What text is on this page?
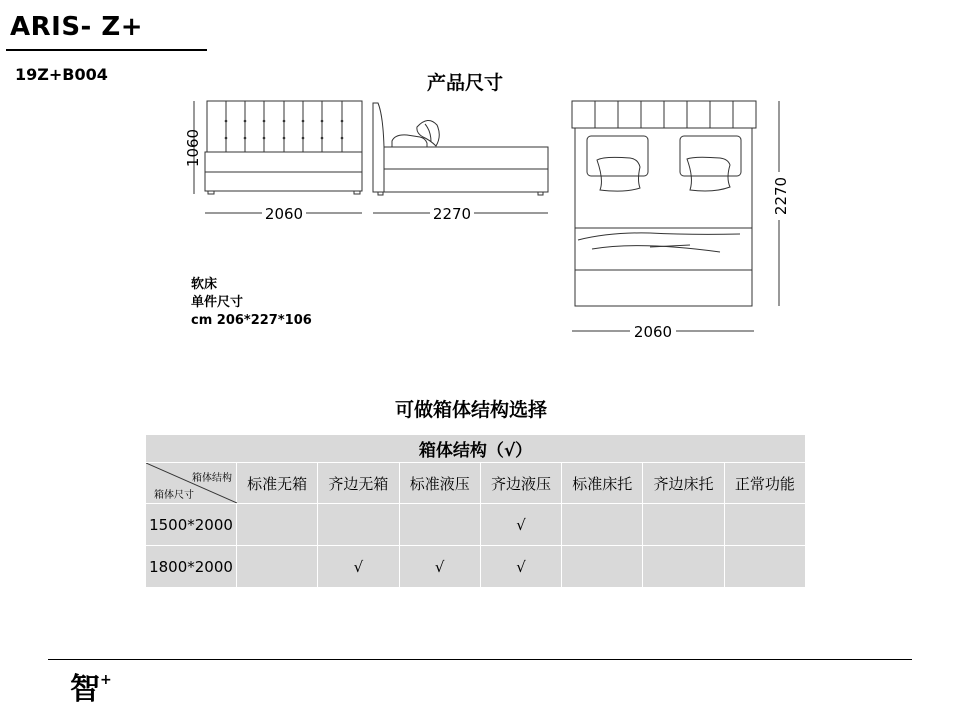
ARIS- Z+
19Z+B004	产品尺寸
1060
2060	2270	2270
2060
软床
单件尺寸
cm 206*227*106
可做箱体结构选择
箱体结构（√）							

箱体结构
箱体尺寸	标准无箱	齐边无箱	标准液压	齐边液压	标准床托	齐边床托	正常功能
1500*2000				√			
1800*2000		√	√	√			
智+
